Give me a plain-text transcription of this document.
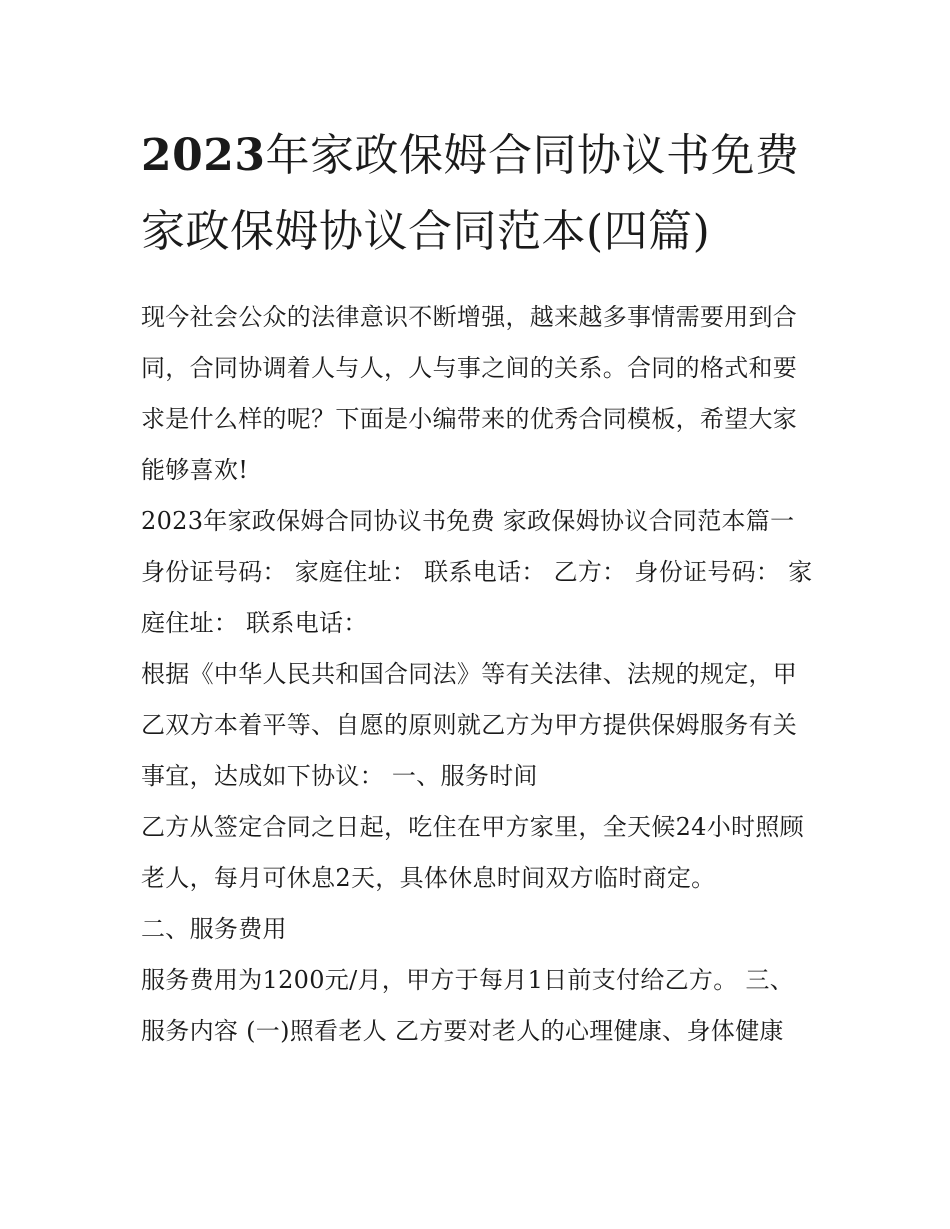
2023年家政保姆合同协议书免费 家政保姆协议合同范本(四篇)

现今社会公众的法律意识不断增强，越来越多事情需要用到合同，合同协调着人与人，人与事之间的关系。合同的格式和要求是什么样的呢？下面是小编带来的优秀合同模板，希望大家能够喜欢!

2023年家政保姆合同协议书免费 家政保姆协议合同范本篇一

身份证号码： 家庭住址： 联系电话： 乙方： 身份证号码： 家庭住址： 联系电话：

根据《中华人民共和国合同法》等有关法律、法规的规定，甲乙双方本着平等、自愿的原则就乙方为甲方提供保姆服务有关事宜，达成如下协议： 一、服务时间

乙方从签定合同之日起，吃住在甲方家里，全天候24小时照顾老人，每月可休息2天，具体休息时间双方临时商定。

二、服务费用

服务费用为1200元/月，甲方于每月1日前支付给乙方。 三、服务内容 (一)照看老人 乙方要对老人的心理健康、身体健康
